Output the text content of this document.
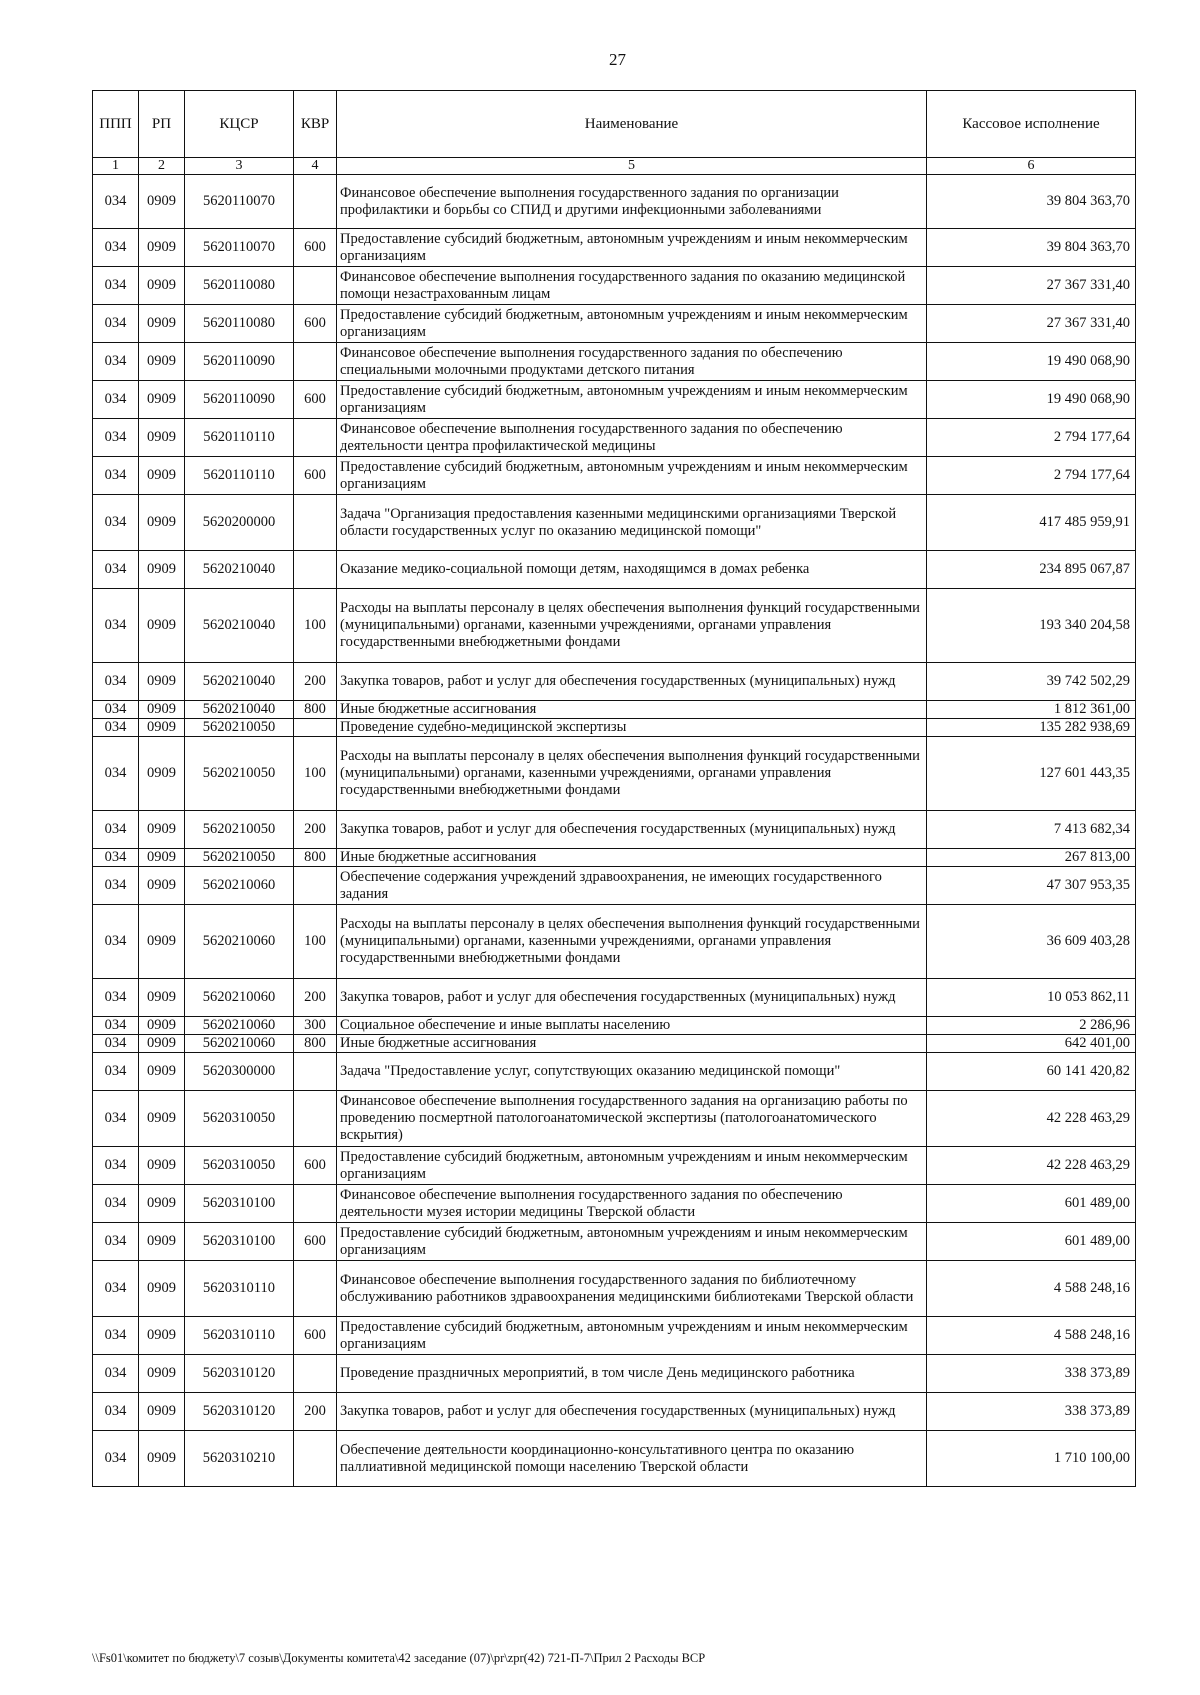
27
ППП	РП	КЦСР	КВР	Наименование	Кассовое исполнение
1	2	3	4	5	6
034	0909	5620110070		Финансовое обеспечение выполнения государственного задания по организации профилактики и борьбы со СПИД и другими инфекционными заболеваниями	39 804 363,70
034	0909	5620110070	600	Предоставление субсидий бюджетным, автономным учреждениям и иным некоммерческим организациям	39 804 363,70
034	0909	5620110080		Финансовое обеспечение выполнения государственного задания по оказанию медицинской помощи незастрахованным лицам	27 367 331,40
034	0909	5620110080	600	Предоставление субсидий бюджетным, автономным учреждениям и иным некоммерческим организациям	27 367 331,40
034	0909	5620110090		Финансовое обеспечение выполнения государственного задания по обеспечению специальными молочными продуктами детского питания	19 490 068,90
034	0909	5620110090	600	Предоставление субсидий бюджетным, автономным учреждениям и иным некоммерческим организациям	19 490 068,90
034	0909	5620110110		Финансовое обеспечение выполнения государственного задания по обеспечению деятельности центра профилактической медицины	2 794 177,64
034	0909	5620110110	600	Предоставление субсидий бюджетным, автономным учреждениям и иным некоммерческим организациям	2 794 177,64
034	0909	5620200000		Задача "Организация предоставления казенными медицинскими организациями Тверской области государственных услуг по оказанию медицинской помощи"	417 485 959,91
034	0909	5620210040		Оказание медико-социальной помощи детям, находящимся в домах ребенка	234 895 067,87
034	0909	5620210040	100	Расходы на выплаты персоналу в целях обеспечения выполнения функций государственными (муниципальными) органами, казенными учреждениями, органами управления государственными внебюджетными фондами	193 340 204,58
034	0909	5620210040	200	Закупка товаров, работ и услуг для обеспечения государственных (муниципальных) нужд	39 742 502,29
034	0909	5620210040	800	Иные бюджетные ассигнования	1 812 361,00
034	0909	5620210050		Проведение судебно-медицинской экспертизы	135 282 938,69
034	0909	5620210050	100	Расходы на выплаты персоналу в целях обеспечения выполнения функций государственными (муниципальными) органами, казенными учреждениями, органами управления государственными внебюджетными фондами	127 601 443,35
034	0909	5620210050	200	Закупка товаров, работ и услуг для обеспечения государственных (муниципальных) нужд	7 413 682,34
034	0909	5620210050	800	Иные бюджетные ассигнования	267 813,00
034	0909	5620210060		Обеспечение содержания учреждений здравоохранения, не имеющих государственного задания	47 307 953,35
034	0909	5620210060	100	Расходы на выплаты персоналу в целях обеспечения выполнения функций государственными (муниципальными) органами, казенными учреждениями, органами управления государственными внебюджетными фондами	36 609 403,28
034	0909	5620210060	200	Закупка товаров, работ и услуг для обеспечения государственных (муниципальных) нужд	10 053 862,11
034	0909	5620210060	300	Социальное обеспечение и иные выплаты населению	2 286,96
034	0909	5620210060	800	Иные бюджетные ассигнования	642 401,00
034	0909	5620300000		Задача "Предоставление услуг, сопутствующих оказанию медицинской помощи"	60 141 420,82
034	0909	5620310050		Финансовое обеспечение выполнения государственного задания на организацию работы по проведению посмертной патологоанатомической экспертизы (патологоанатомического вскрытия)	42 228 463,29
034	0909	5620310050	600	Предоставление субсидий бюджетным, автономным учреждениям и иным некоммерческим организациям	42 228 463,29
034	0909	5620310100		Финансовое обеспечение выполнения государственного задания по обеспечению деятельности музея истории медицины Тверской области	601 489,00
034	0909	5620310100	600	Предоставление субсидий бюджетным, автономным учреждениям и иным некоммерческим организациям	601 489,00
034	0909	5620310110		Финансовое обеспечение выполнения государственного задания по библиотечному обслуживанию работников здравоохранения медицинскими библиотеками Тверской области	4 588 248,16
034	0909	5620310110	600	Предоставление субсидий бюджетным, автономным учреждениям и иным некоммерческим организациям	4 588 248,16
034	0909	5620310120		Проведение праздничных мероприятий, в том числе День медицинского работника	338 373,89
034	0909	5620310120	200	Закупка товаров, работ и услуг для обеспечения государственных (муниципальных) нужд	338 373,89
034	0909	5620310210		Обеспечение деятельности координационно-консультативного центра по оказанию паллиативной медицинской помощи населению Тверской области	1 710 100,00
\\Fs01\комитет по бюджету\7 созыв\Документы комитета\42 заседание (07)\pr\zpr(42) 721-П-7\Прил 2 Расходы ВСР
